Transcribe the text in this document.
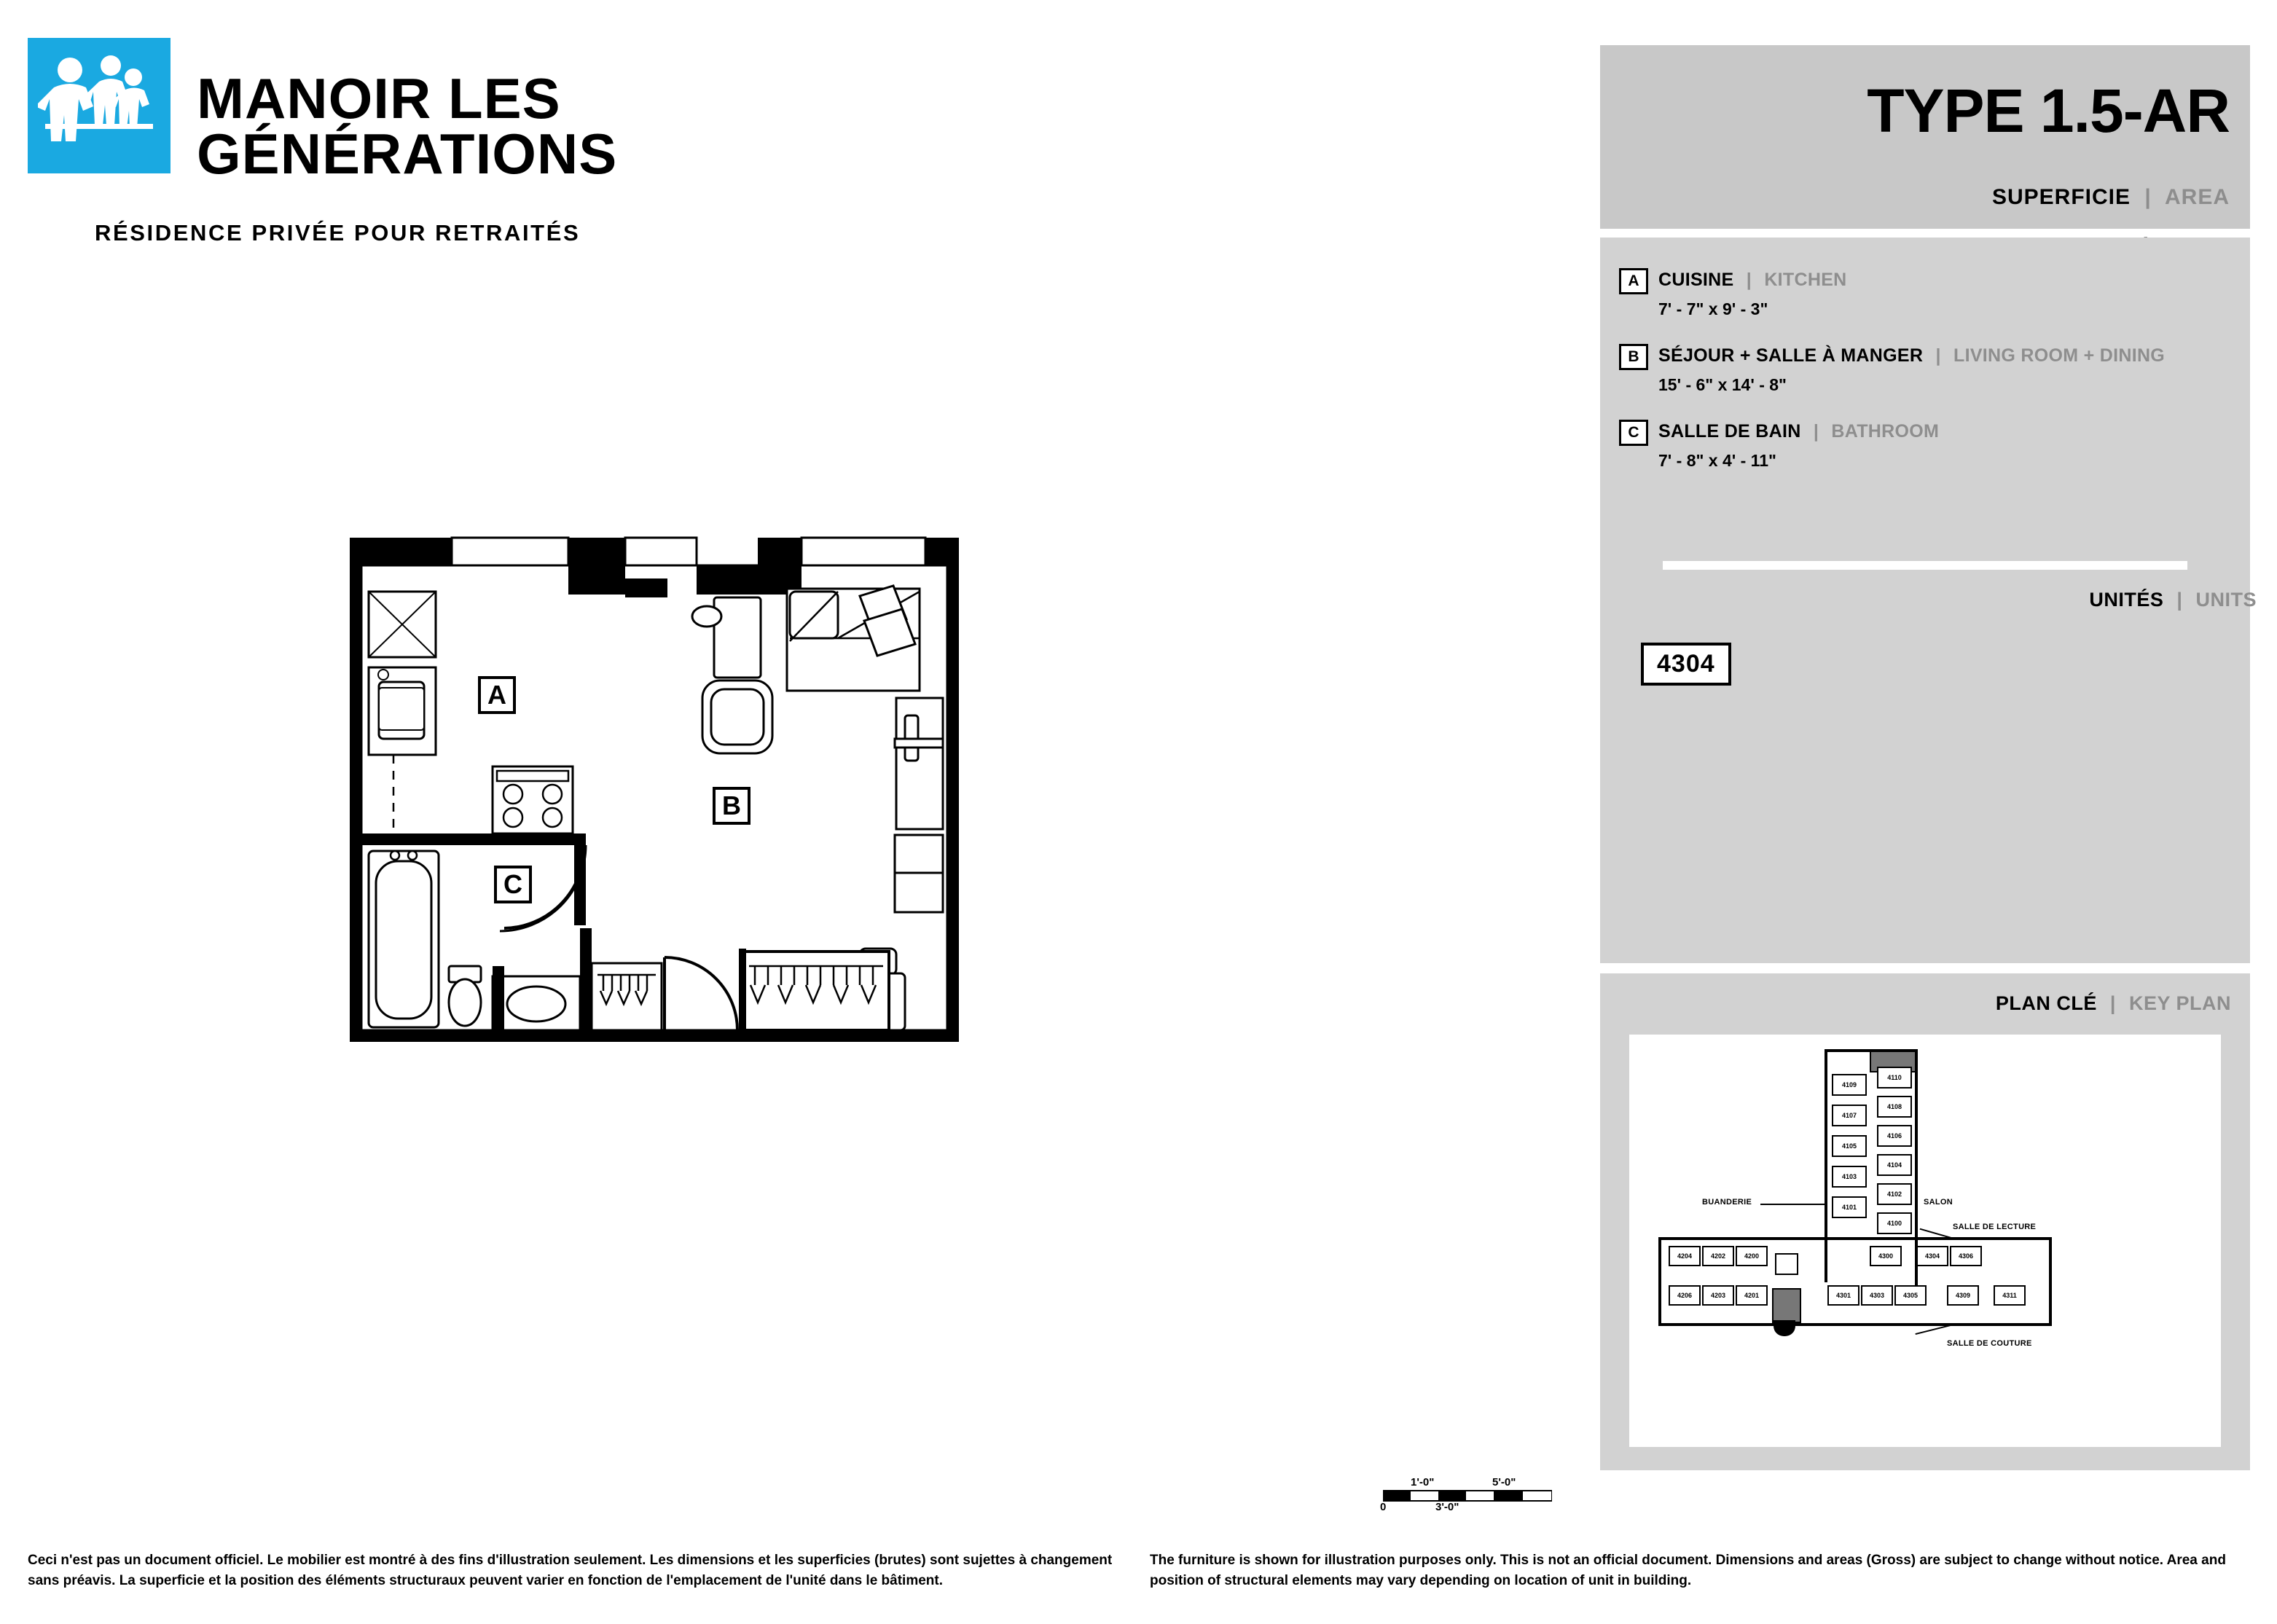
MANOIR LES
GÉNÉRATIONS
RÉSIDENCE PRIVÉE POUR RETRAITÉS
TYPE 1.5-AR
SUPERFICIE | AREA
A	CUISINE | KITCHEN
7' - 7" x 9' - 3"
B	SÉJOUR + SALLE À MANGER | LIVING ROOM + DINING
15' - 6" x 14' - 8"
C	SALLE DE BAIN | BATHROOM
7' - 8" x 4' - 11"
UNITÉS | UNITS
4304
PLAN CLÉ | KEY PLAN
4109
4107
4105
4103
4101
4110
4108
4106
4104
4102
4100
4204	4202	4200	4300	4304	4306
4206	4203	4201	4301	4303	4305	4309	4311
BUANDERIE	SALON
SALLE DE LECTURE
SALLE DE COUTURE
A
B
C
1'-0"	5'-0"
0	3'-0"
Ceci n'est pas un document officiel. Le mobilier est montré à des fins d'illustration seulement. Les dimensions et les superficies (brutes) sont sujettes à changement sans préavis. La superficie et la position des éléments structuraux peuvent varier en fonction de l'emplacement de l'unité dans le bâtiment.
The furniture is shown for illustration purposes only. This is not an official document. Dimensions and areas (Gross) are subject to change without notice. Area and position of structural elements may vary depending on location of unit in building.
